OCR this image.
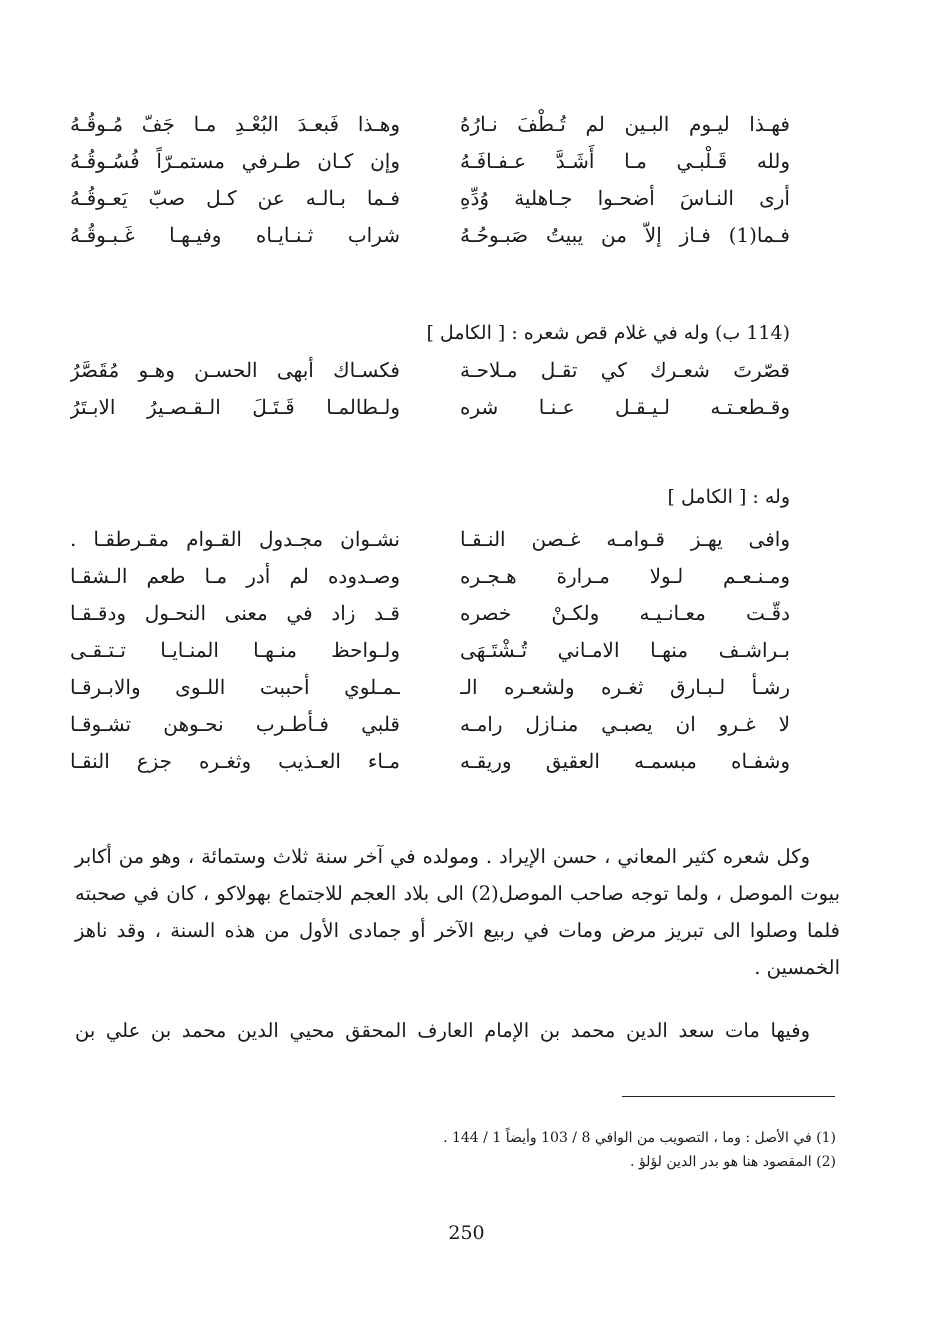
فهـذا ليـوم البـين لم تُـطْفَ نـارُهُ
وهـذا فَبعـدَ البُعْـدِ مـا جَفّ مُـوقُـهُ
ولله قَـلْبـي مـا أَشَـدَّ عـفـافَـهُ
وإن كـان طـرفي مستمـرّاً فُسُـوقُـهُ
أرى النـاسَ أضحـوا جـاهلية وُدِّهِ
فـما بـالـه عن كـل صبّ يَعـوقُـهُ
فـما(1) فـاز إلاّ من يبيتُ صَبـوحُـهُ
شراب ثـنـايـاه وفيـهـا غَـبـوقُـهُ
(114 ب) وله في غلام قص شعره : [ الكامل ]
قصّرتَ شعـرك كي تقـل مـلاحـة
فكسـاك أبهى الحسـن وهـو مُقَصَّرُ
وقـطعـتـه لـيـقـل عـنـا شره
ولـطالمـا قَـتَـلَ الـقـصـيرُ الابـتَرُ
وله : [ الكامل ]
وافى يهـز قـوامـه غـصن النـقـا
نشـوان مجـدول القـوام مقـرطقـا .
ومـنـعـم لـولا مـرارة هـجـره
وصـدوده لم أدر مـا طعم الـشقـا
دقّـت معـانـيـه ولكـنْ خصره
قـد زاد في معنى النحـول ودقـقـا
بـراشـف منهـا الامـاني تُـشْتَـهَى
ولـواحظ منـهـا المنـايـا تـتـقـى
رشـأ لـبـارق ثغـره ولشعـره الـ
ـمـلوي أحببت اللـوى والابـرقـا
لا غـرو ان يصبـي منـازل رامـه
قلبي فـأطـرب نحـوهن تشـوقـا
وشفـاه مبسمـه العقيق وريقـه
مـاء العـذيب وثغـره جزع النقـا

وكل شعره كثير المعاني ، حسن الإيراد . ومولده في آخر سنة ثلاث وستمائة ، وهو من أكابر بيوت الموصل ، ولما توجه صاحب الموصل(2) الى بلاد العجم للاجتماع بهولاكو ، كان في صحبته فلما وصلوا الى تبريز مرض ومات في ربيع الآخر أو جمادى الأول من هذه السنة ، وقد ناهز الخمسين .

وفيها مات سعد الدين محمد بن الإمام العارف المحقق محيي الدين محمد بن علي بن
(1) في الأصل : وما ، التصويب من الوافي 8 / 103 وأيضاً 1 / 144 .
(2) المقصود هنا هو بدر الدين لؤلؤ .
250
